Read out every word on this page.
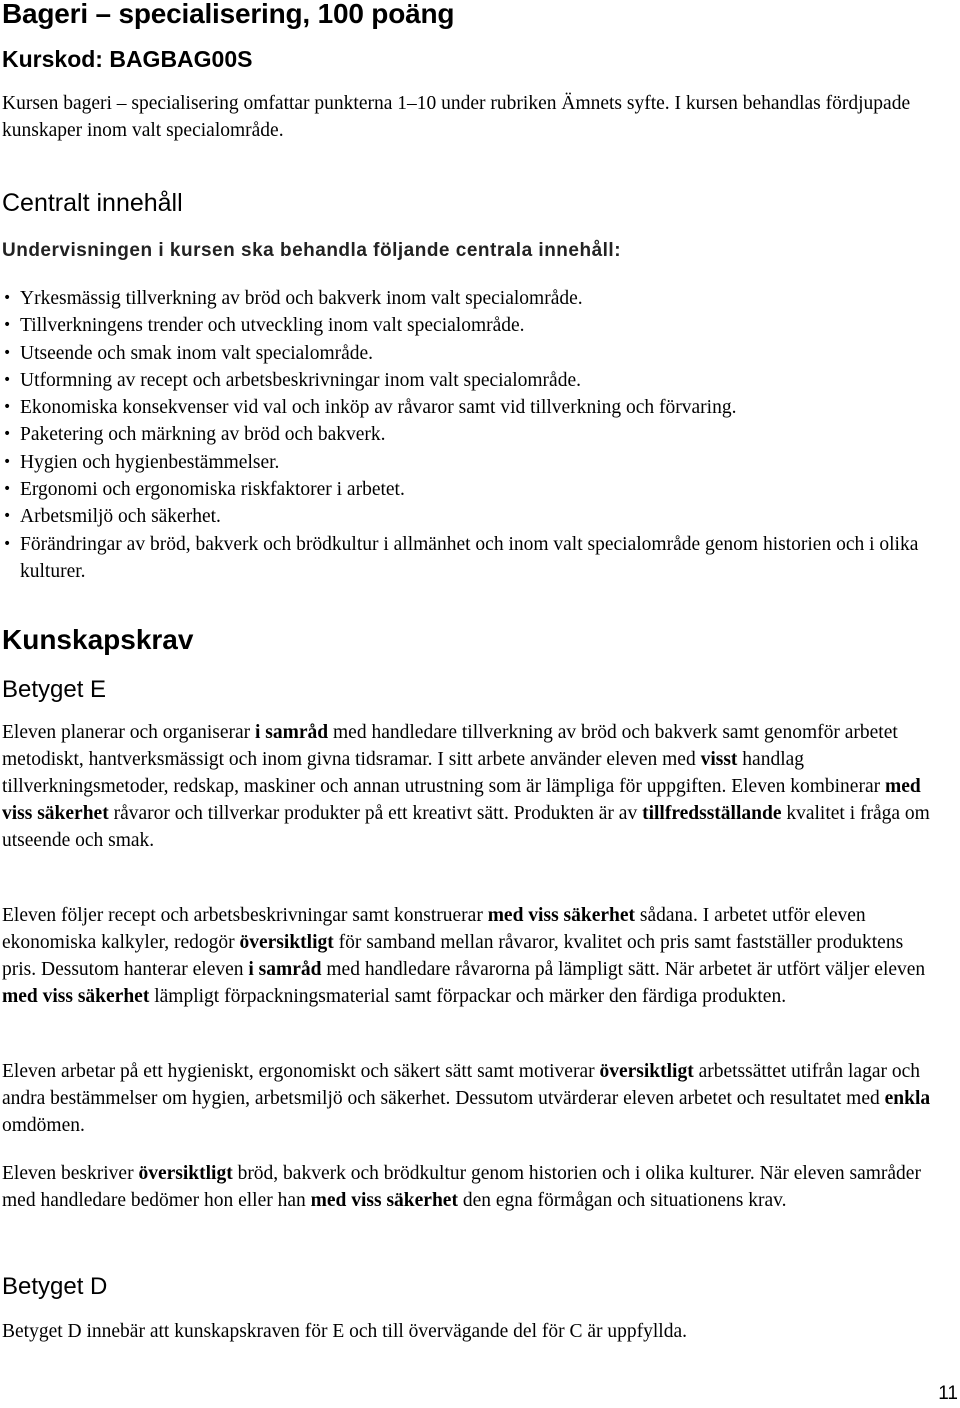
Bageri – specialisering, 100 poäng
Kurskod: BAGBAG00S

Kursen bageri – specialisering omfattar punkterna 1–10 under rubriken Ämnets syfte. I kursen behandlas fördjupade kunskaper inom valt specialområde.

Centralt innehåll
Undervisningen i kursen ska behandla följande centrala innehåll:
• Yrkesmässig tillverkning av bröd och bakverk inom valt specialområde.
• Tillverkningens trender och utveckling inom valt specialområde.
• Utseende och smak inom valt specialområde.
• Utformning av recept och arbetsbeskrivningar inom valt specialområde.
• Ekonomiska konsekvenser vid val och inköp av råvaror samt vid tillverkning och förvaring.
• Paketering och märkning av bröd och bakverk.
• Hygien och hygienbestämmelser.
• Ergonomi och ergonomiska riskfaktorer i arbetet.
• Arbetsmiljö och säkerhet.
• Förändringar av bröd, bakverk och brödkultur i allmänhet och inom valt specialområde genom historien och i olika kulturer.
Kunskapskrav
Betyget E

Eleven planerar och organiserar i samråd med handledare tillverkning av bröd och bakverk samt genomför arbetet metodiskt, hantverksmässigt och inom givna tidsramar. I sitt arbete använder eleven med visst handlag tillverkningsmetoder, redskap, maskiner och annan utrustning som är lämpliga för uppgiften. Eleven kombinerar med viss säkerhet råvaror och tillverkar produkter på ett kreativt sätt. Produkten är av tillfredsställande kvalitet i fråga om utseende och smak.

Eleven följer recept och arbetsbeskrivningar samt konstruerar med viss säkerhet sådana. I arbetet utför eleven ekonomiska kalkyler, redogör översiktligt för samband mellan råvaror, kvalitet och pris samt fastställer produktens pris. Dessutom hanterar eleven i samråd med handledare råvarorna på lämpligt sätt. När arbetet är utfört väljer eleven med viss säkerhet lämpligt förpackningsmaterial samt förpackar och märker den färdiga produkten.

Eleven arbetar på ett hygieniskt, ergonomiskt och säkert sätt samt motiverar översiktligt arbetssättet utifrån lagar och andra bestämmelser om hygien, arbetsmiljö och säkerhet. Dessutom utvärderar eleven arbetet och resultatet med enkla omdömen.

Eleven beskriver översiktligt bröd, bakverk och brödkultur genom historien och i olika kulturer. När eleven samråder med handledare bedömer hon eller han med viss säkerhet den egna förmågan och situationens krav.

Betyget D

Betyget D innebär att kunskapskraven för E och till övervägande del för C är uppfyllda.

11
